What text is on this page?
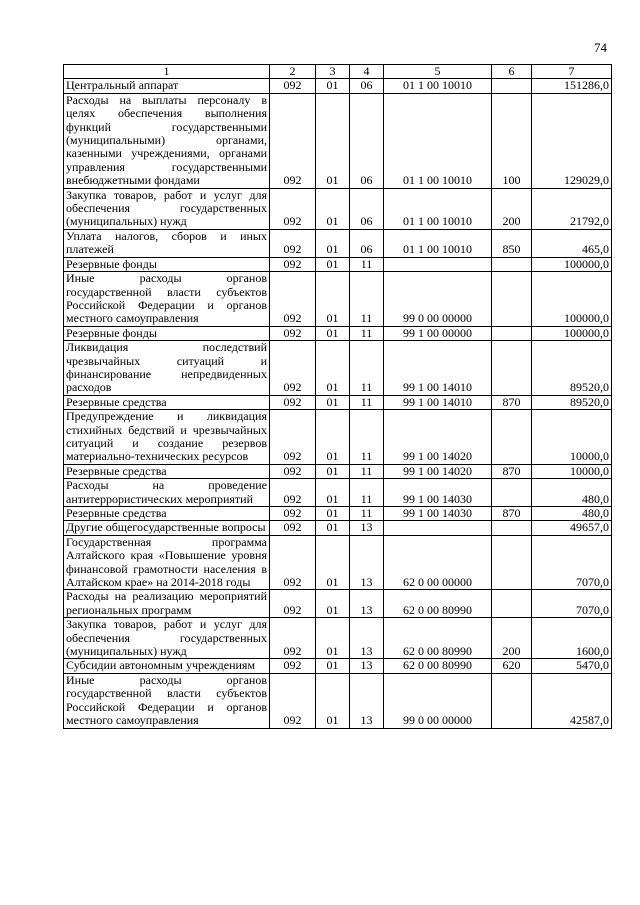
74
1	2	3	4	5	6	7
Центральный аппарат	092	01	06	01 1 00 10010		151286,0
Расходы на выплаты персоналу в целях обеспечения выполнения функций государственными (муниципальными) органами, казенными учреждениями, органами управления государственными внебюджетными фондами	092	01	06	01 1 00 10010	100	129029,0
Закупка товаров, работ и услуг для обеспечения государственных (муниципальных) нужд	092	01	06	01 1 00 10010	200	21792,0
Уплата налогов, сборов и иных платежей	092	01	06	01 1 00 10010	850	465,0
Резервные фонды	092	01	11			100000,0
Иные расходы органов государственной власти субъектов Российской Федерации и органов местного самоуправления	092	01	11	99 0 00 00000		100000,0
Резервные фонды	092	01	11	99 1 00 00000		100000,0
Ликвидация последствий чрезвычайных ситуаций и финансирование непредвиденных расходов	092	01	11	99 1 00 14010		89520,0
Резервные средства	092	01	11	99 1 00 14010	870	89520,0
Предупреждение и ликвидация стихийных бедствий и чрезвычайных ситуаций и создание резервов материально-технических ресурсов	092	01	11	99 1 00 14020		10000,0
Резервные средства	092	01	11	99 1 00 14020	870	10000,0
Расходы на проведение антитеррористических мероприятий	092	01	11	99 1 00 14030		480,0
Резервные средства	092	01	11	99 1 00 14030	870	480,0
Другие общегосударственные вопросы	092	01	13			49657,0
Государственная программа Алтайского края «Повышение уровня финансовой грамотности населения в Алтайском крае» на 2014-2018 годы	092	01	13	62 0 00 00000		7070,0
Расходы на реализацию мероприятий региональных программ	092	01	13	62 0 00 80990		7070,0
Закупка товаров, работ и услуг для обеспечения государственных (муниципальных) нужд	092	01	13	62 0 00 80990	200	1600,0
Субсидии автономным учреждениям	092	01	13	62 0 00 80990	620	5470,0
Иные расходы органов государственной власти субъектов Российской Федерации и органов местного самоуправления	092	01	13	99 0 00 00000		42587,0
